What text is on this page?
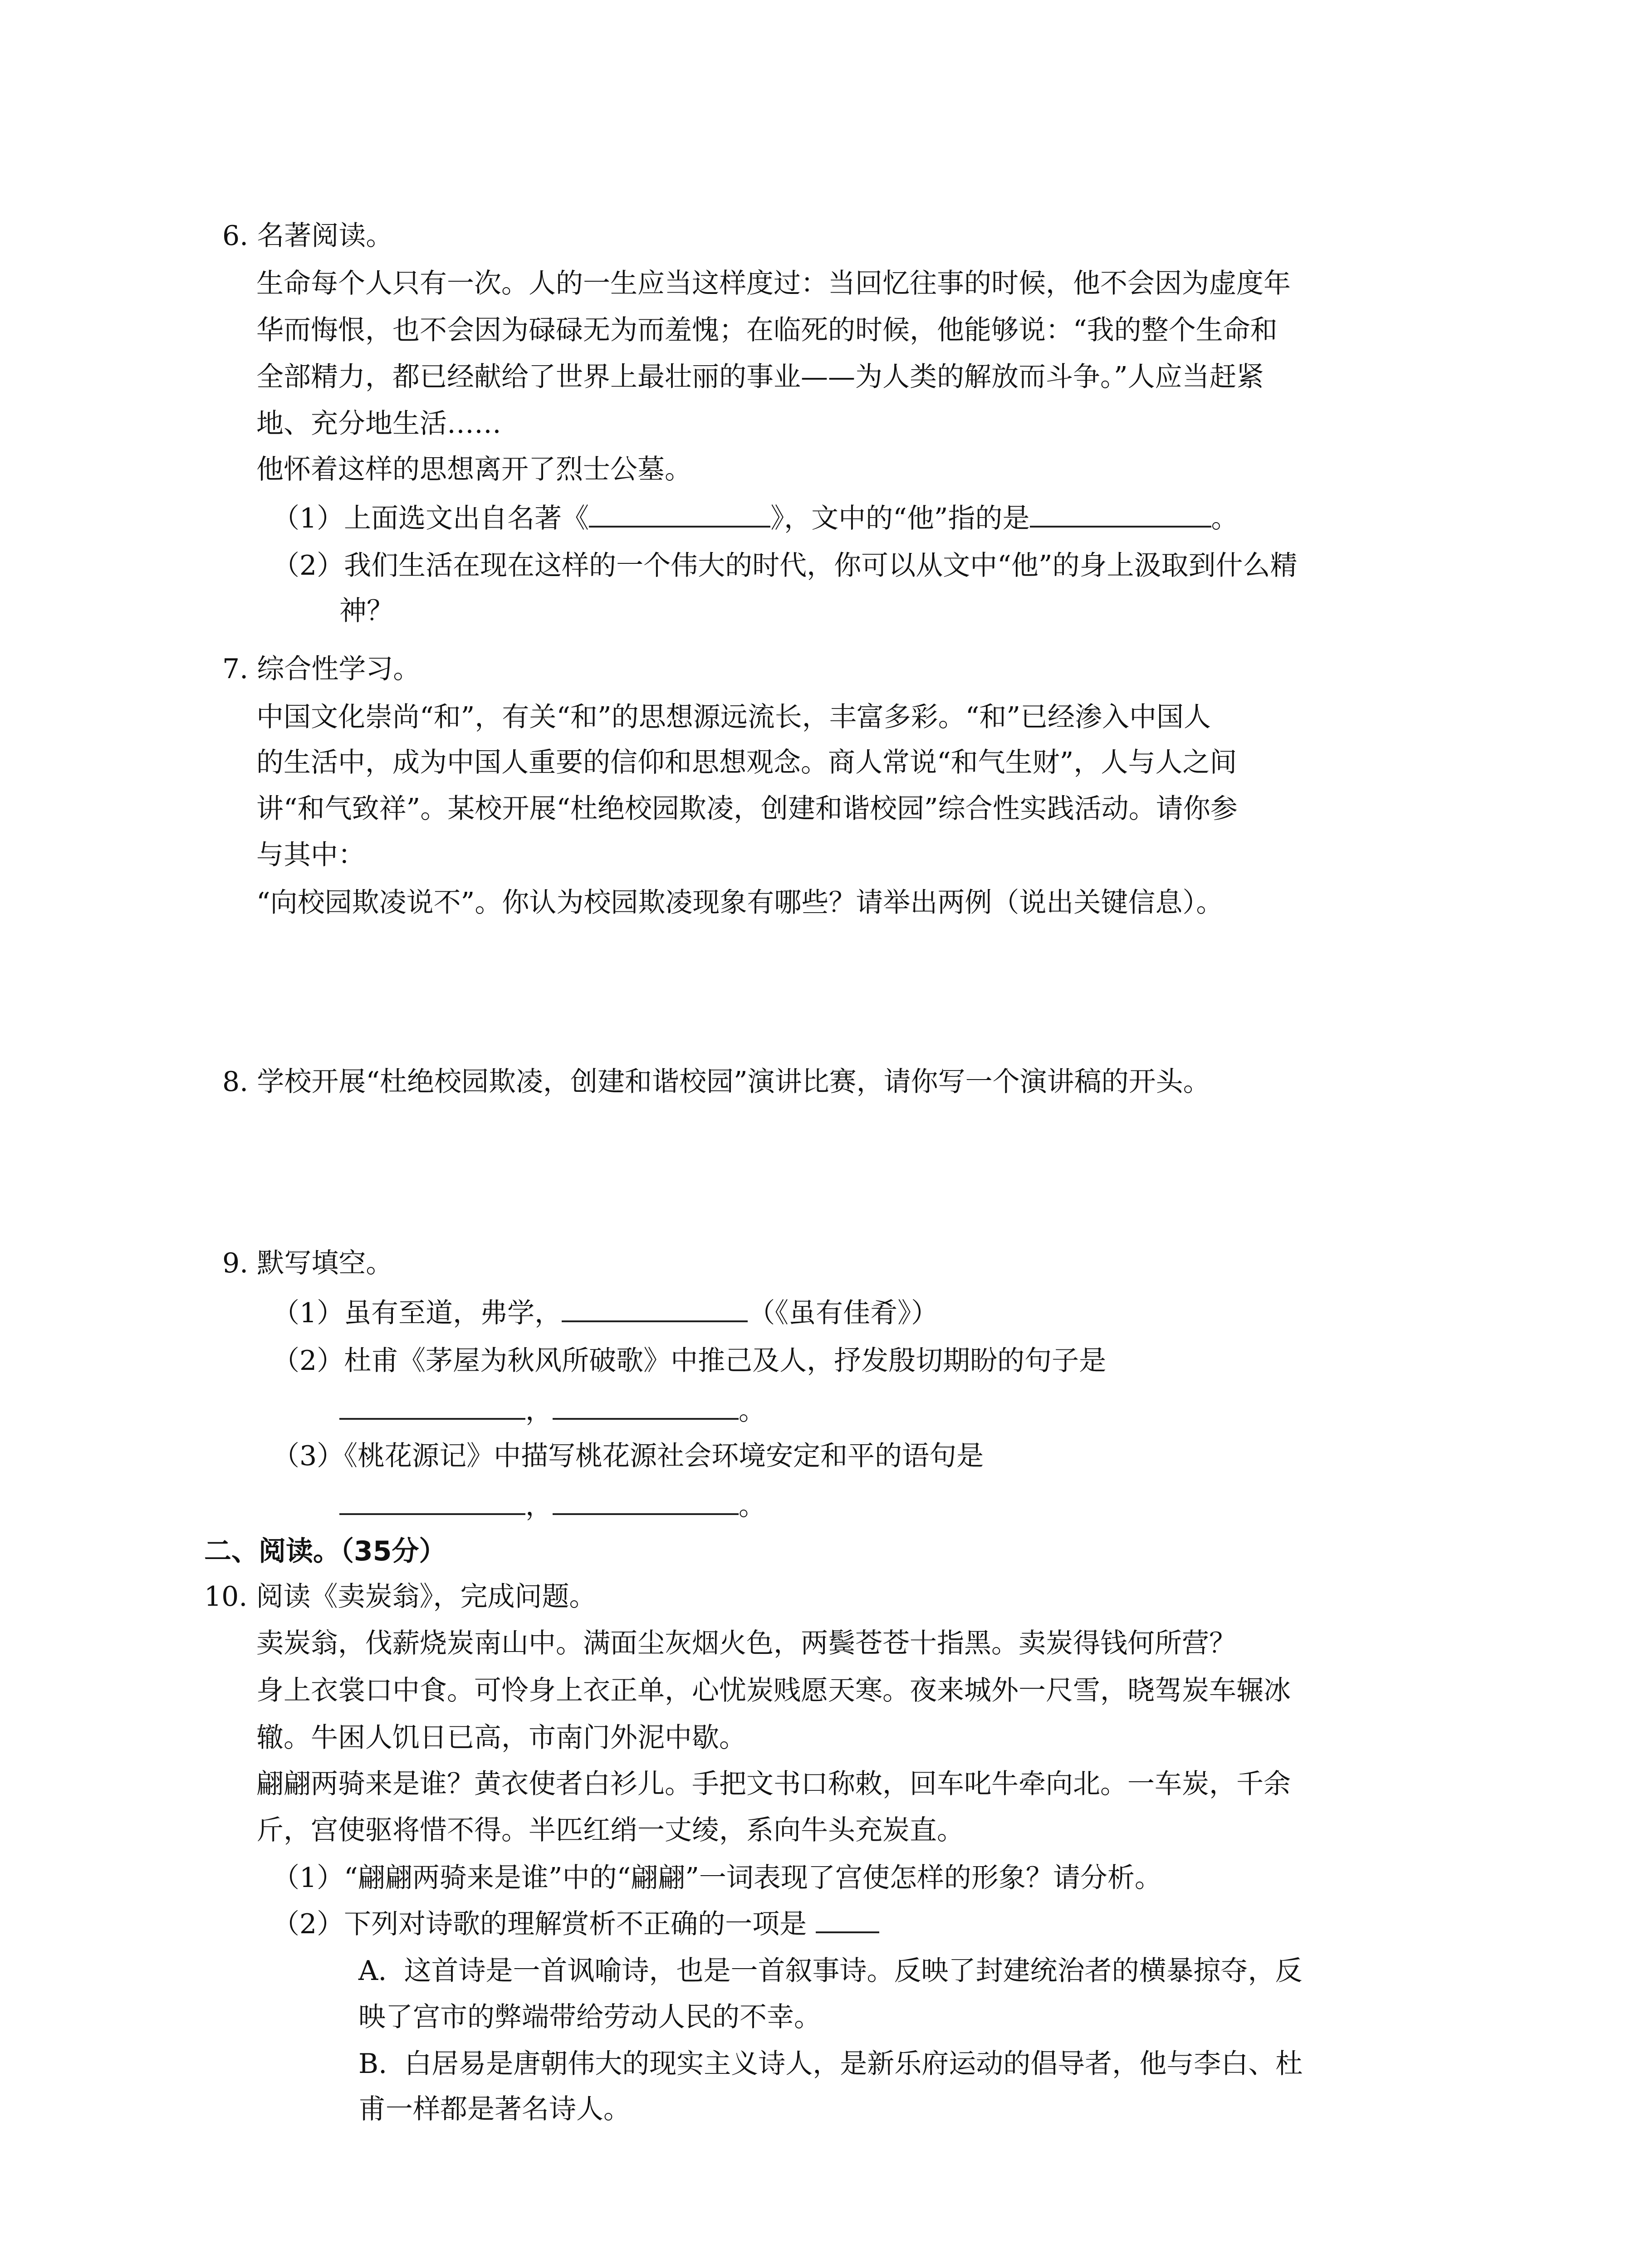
6. 名著阅读。

生命每个人只有一次。人的一生应当这样度过：当回忆往事的时候，他不会因为虚度年

华而悔恨，也不会因为碌碌无为而羞愧；在临死的时候，他能够说：“我的整个生命和

全部精力，都已经献给了世界上最壮丽的事业——为人类的解放而斗争。”人应当赶紧

地、充分地生活……

他怀着这样的思想离开了烈士公墓。

（1）上面选文出自名著《	》，文中的“他”指的是	。

（2）我们生活在现在这样的一个伟大的时代，你可以从文中“他”的身上汲取到什么精

神？

7. 综合性学习。

中国文化崇尚“和”，有关“和”的思想源远流长，丰富多彩。“和”已经渗入中国人

的生活中，成为中国人重要的信仰和思想观念。商人常说“和气生财”，人与人之间

讲“和气致祥”。某校开展“杜绝校园欺凌，创建和谐校园”综合性实践活动。请你参

与其中：

“向校园欺凌说不”。你认为校园欺凌现象有哪些？请举出两例（说出关键信息）。

8. 学校开展“杜绝校园欺凌，创建和谐校园”演讲比赛，请你写一个演讲稿的开头。

9. 默写填空。

（1）虽有至道，弗学，	（《虽有佳肴》）

（2）杜甫《茅屋为秋风所破歌》中推己及人，抒发殷切期盼的句子是

，	。

（3）《桃花源记》中描写桃花源社会环境安定和平的语句是

，	。

二、阅读。（35分）

10. 阅读《卖炭翁》，完成问题。

卖炭翁，伐薪烧炭南山中。满面尘灰烟火色，两鬓苍苍十指黑。卖炭得钱何所营？

身上衣裳口中食。可怜身上衣正单，心忧炭贱愿天寒。夜来城外一尺雪，晓驾炭车辗冰

辙。牛困人饥日已高，市南门外泥中歇。

翩翩两骑来是谁？黄衣使者白衫儿。手把文书口称敕，回车叱牛牵向北。一车炭，千余

斤，宫使驱将惜不得。半匹红绡一丈绫，系向牛头充炭直。

（1）“翩翩两骑来是谁”中的“翩翩”一词表现了宫使怎样的形象？请分析。

（2）下列对诗歌的理解赏析不正确的一项是

A.  这首诗是一首讽喻诗，也是一首叙事诗。反映了封建统治者的横暴掠夺，反

映了宫市的弊端带给劳动人民的不幸。

B.  白居易是唐朝伟大的现实主义诗人，是新乐府运动的倡导者，他与李白、杜

甫一样都是著名诗人。
